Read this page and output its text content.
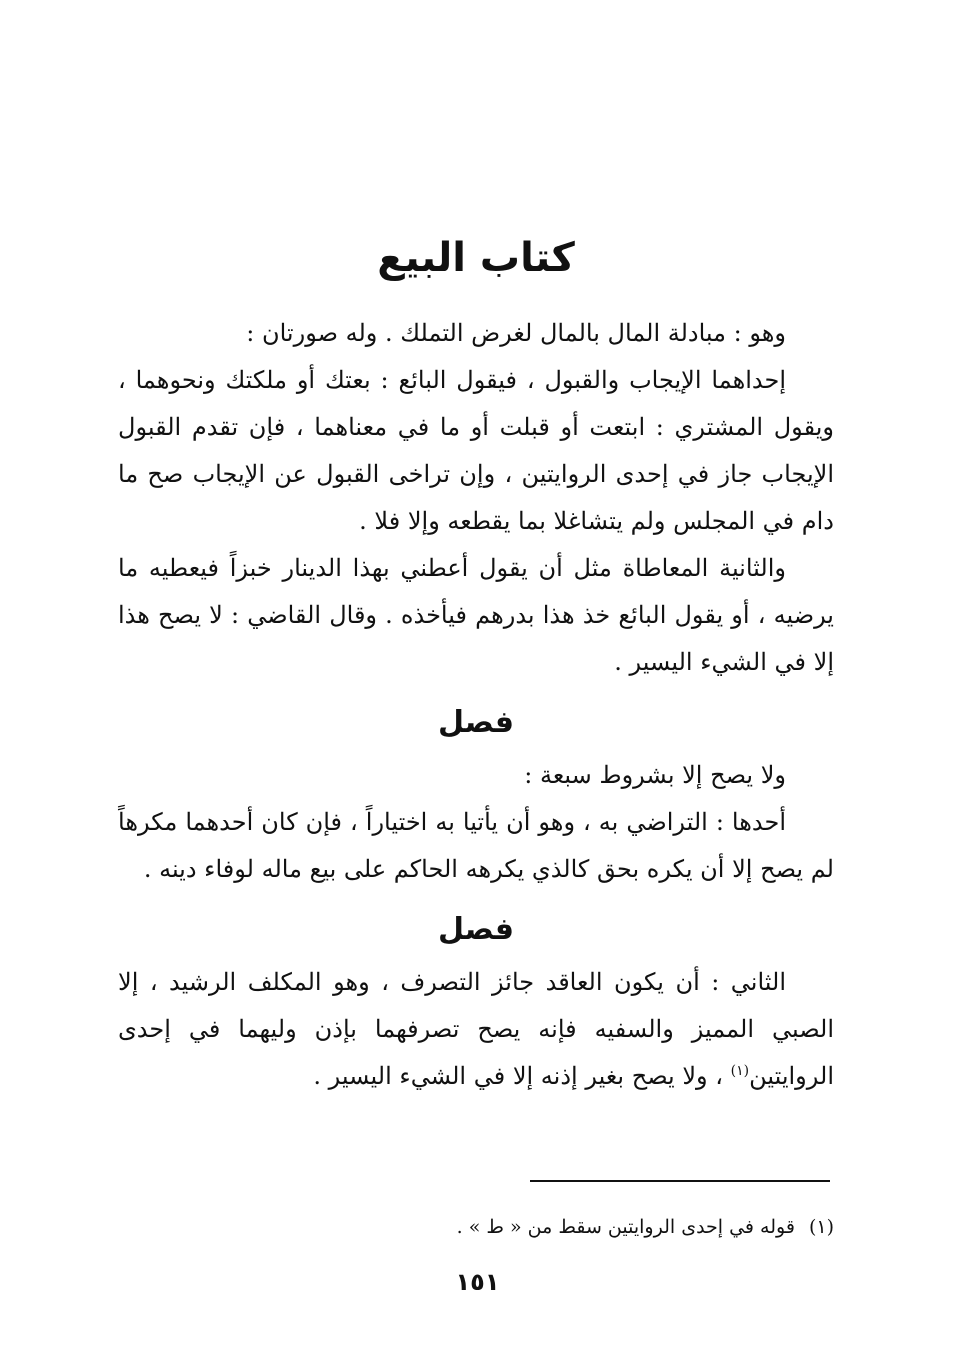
كتاب البيع

وهو : مبادلة المال بالمال لغرض التملك . وله صورتان :

إحداهما الإيجاب والقبول ، فيقول البائع : بعتك أو ملكتك ونحوهما ، ويقول المشتري : ابتعت أو قبلت أو ما في معناهما ، فإن تقدم القبول الإيجاب جاز في إحدى الروايتين ، وإن تراخى القبول عن الإيجاب صح ما دام في المجلس ولم يتشاغلا بما يقطعه وإلا فلا .

والثانية المعاطاة مثل أن يقول أعطني بهذا الدينار خبزاً فيعطيه ما يرضيه ، أو يقول البائع خذ هذا بدرهم فيأخذه . وقال القاضي : لا يصح هذا إلا في الشيء اليسير .

فصل

ولا يصح إلا بشروط سبعة :

أحدها : التراضي به ، وهو أن يأتيا به اختياراً ، فإن كان أحدهما مكرهاً لم يصح إلا أن يكره بحق كالذي يكرهه الحاكم على بيع ماله لوفاء دينه .

فصل

الثاني : أن يكون العاقد جائز التصرف ، وهو المكلف الرشيد ، إلا الصبي المميز والسفيه فإنه يصح تصرفهما بإذن وليهما في إحدى الروايتين$^{(١)}$ ، ولا يصح بغير إذنه إلا في الشيء اليسير .

(١)قوله في إحدى الروايتين سقط من « ط » .
١٥١
